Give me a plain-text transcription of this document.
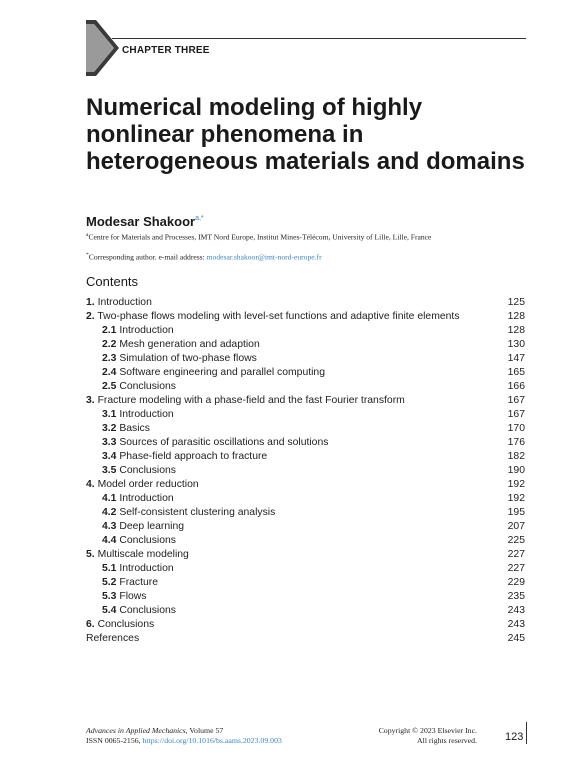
CHAPTER THREE
Numerical modeling of highly nonlinear phenomena in heterogeneous materials and domains
Modesar Shakoor$^{a,*}$
$^a$Centre for Materials and Processes, IMT Nord Europe, Institut Mines-Télécom, University of Lille, Lille, France
*Corresponding author. e-mail address: modesar.shakoor@imt-nord-europe.fr
Contents
1. Introduction	125
2. Two-phase flows modeling with level-set functions and adaptive finite elements	128
2.1 Introduction	128
2.2 Mesh generation and adaption	130
2.3 Simulation of two-phase flows	147
2.4 Software engineering and parallel computing	165
2.5 Conclusions	166
3. Fracture modeling with a phase-field and the fast Fourier transform	167
3.1 Introduction	167
3.2 Basics	170
3.3 Sources of parasitic oscillations and solutions	176
3.4 Phase-field approach to fracture	182
3.5 Conclusions	190
4. Model order reduction	192
4.1 Introduction	192
4.2 Self-consistent clustering analysis	195
4.3 Deep learning	207
4.4 Conclusions	225
5. Multiscale modeling	227
5.1 Introduction	227
5.2 Fracture	229
5.3 Flows	235
5.4 Conclusions	243
6. Conclusions	243
References	245
Advances in Applied Mechanics, Volume 57
ISSN 0065-2156, https://doi.org/10.1016/bs.aams.2023.09.003
Copyright © 2023 Elsevier Inc.
All rights reserved.	123
